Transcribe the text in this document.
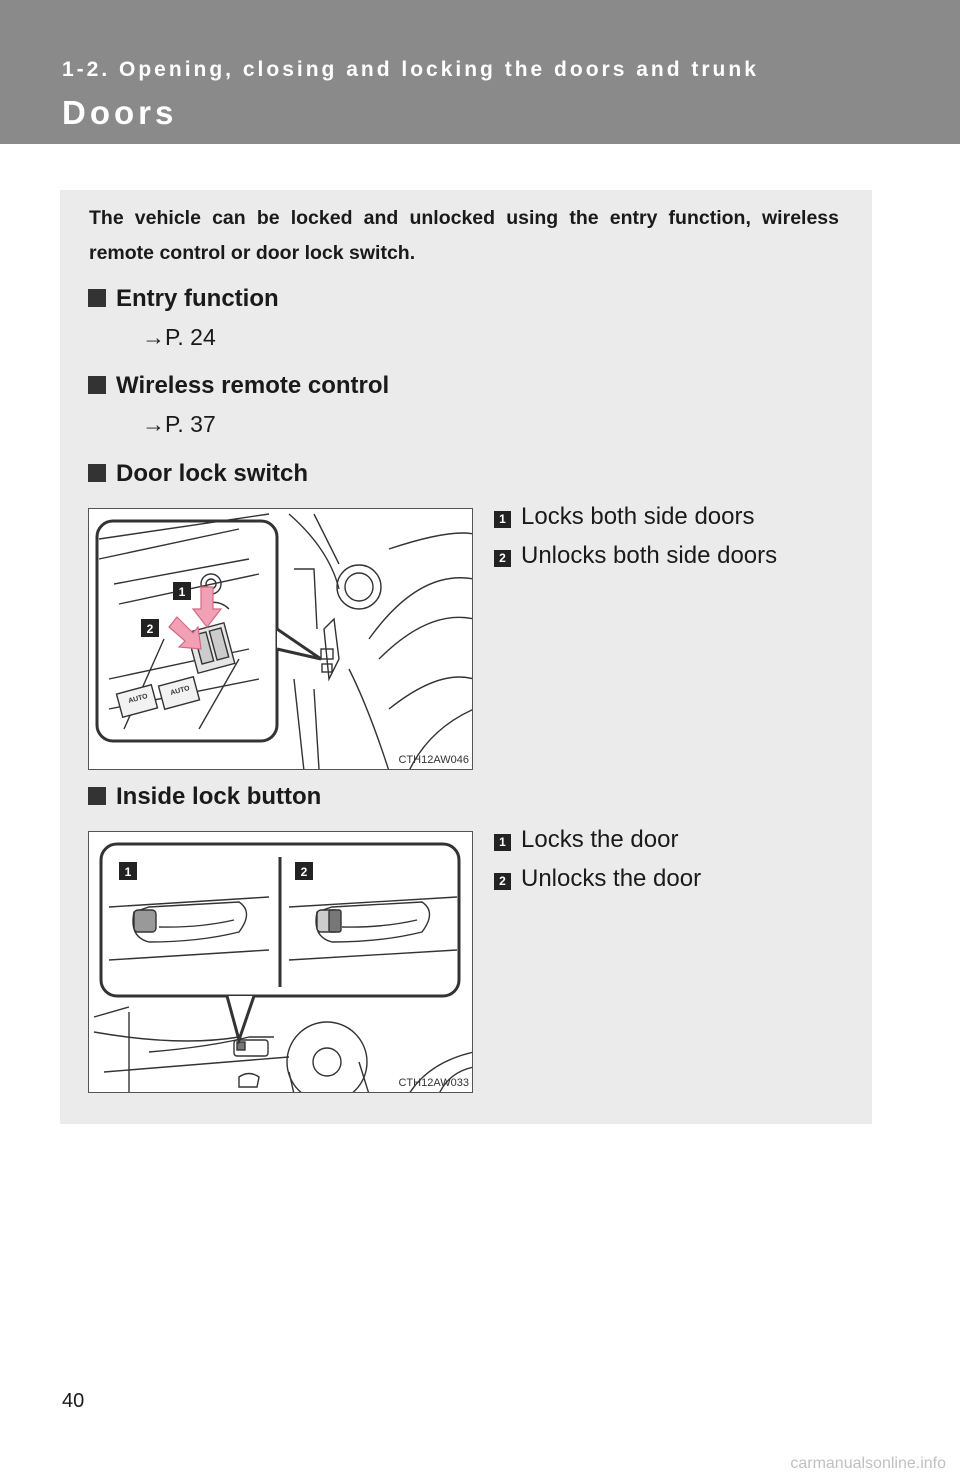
1-2. Opening, closing and locking the doors and trunk
Doors

The vehicle can be locked and unlocked using the entry function, wireless remote control or door lock switch.

Entry function
→P. 24
Wireless remote control
→P. 37
Door lock switch
AUTO
AUTO
1
2
CTH12AW046
1 Locks both side doors
2 Unlocks both side doors
Inside lock button
1	2
CTH12AW033
1 Locks the door
2 Unlocks the door
40
carmanualsonline.info
